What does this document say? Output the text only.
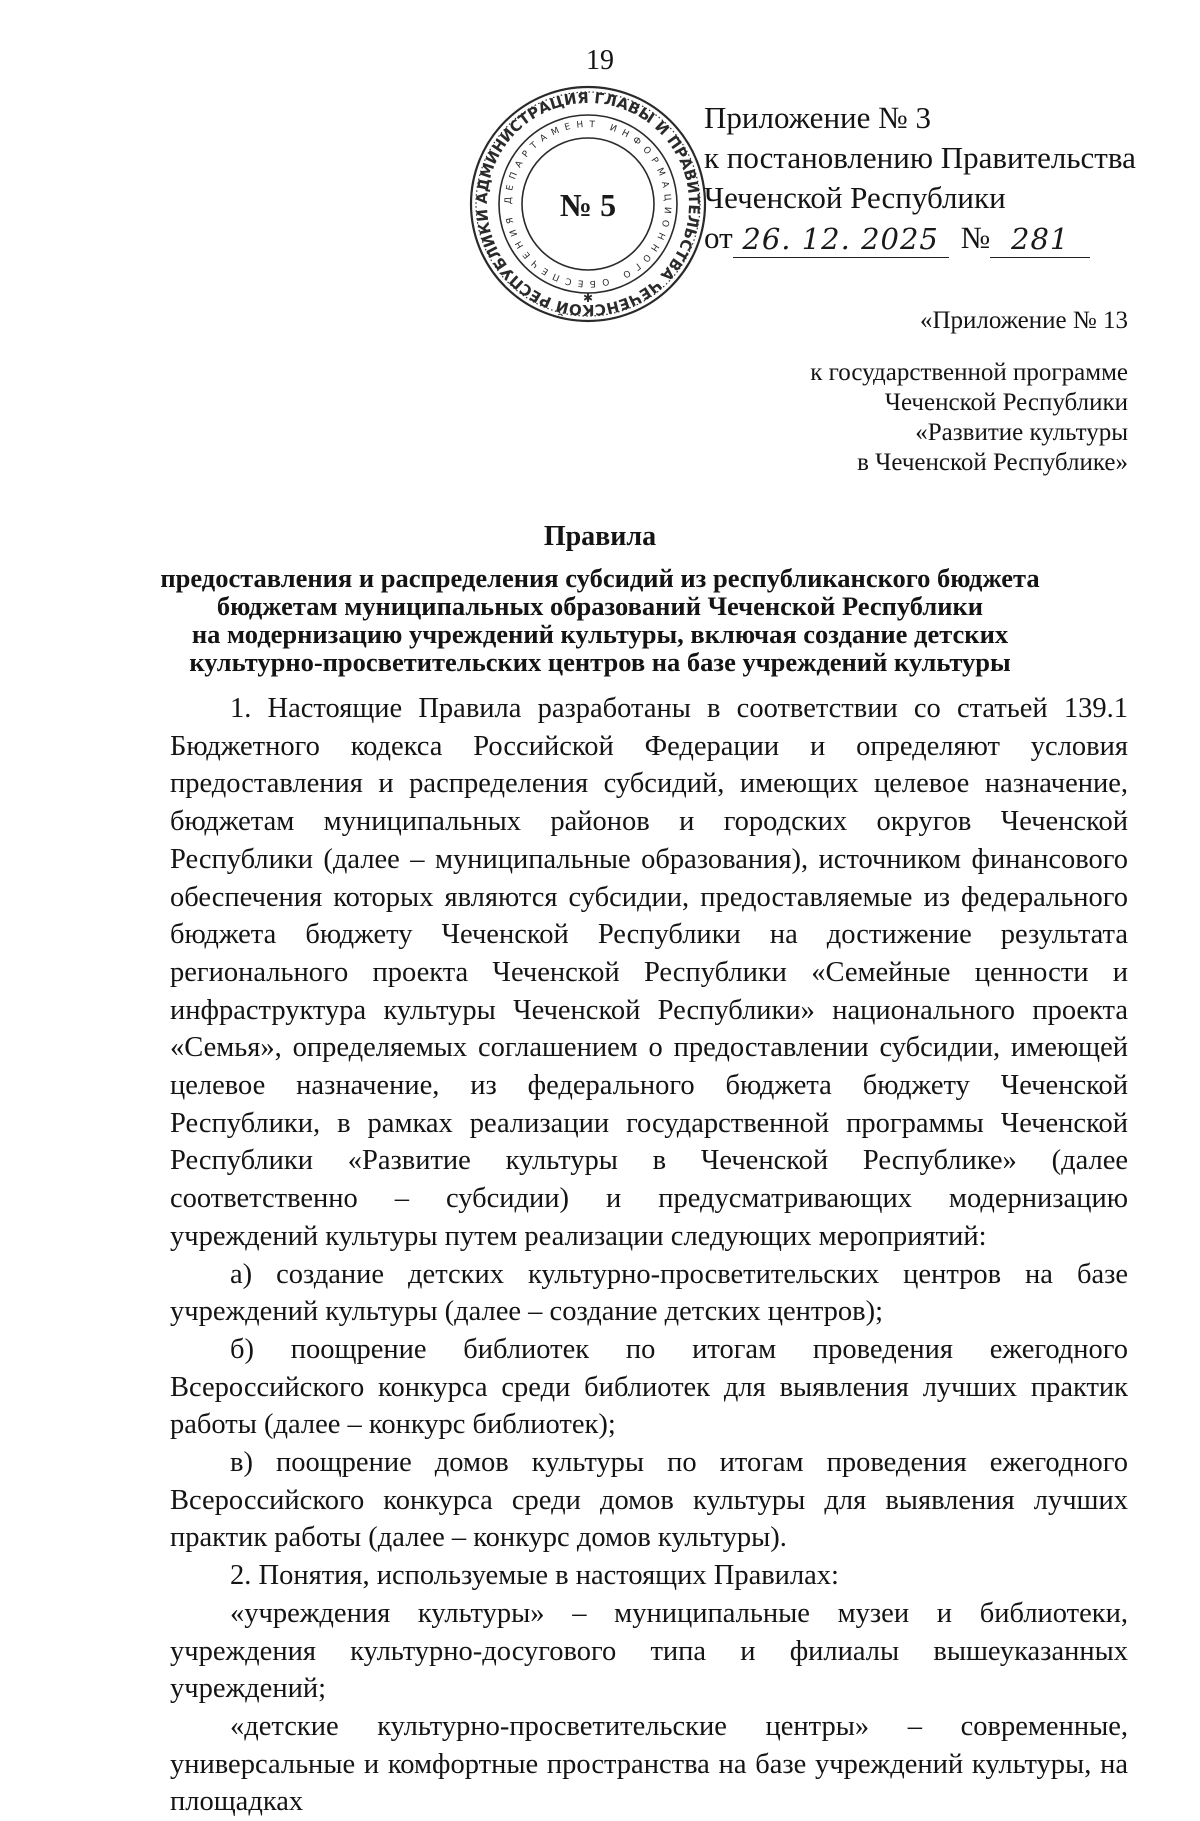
19
АДМИНИСТРАЦИЯ ГЛАВЫ И ПРАВИТЕЛЬСТВА ЧЕЧЕНСКОЙ РЕСПУБЛИКИ
ДЕПАРТАМЕНТ ИНФОРМАЦИОННОГО ОБЕСПЕЧЕНИЯ	№ 5
✱
Приложение № 3
к постановлению Правительства
Чеченской Республики
от 26. 12. 2025 № 281
«Приложение № 13
к государственной программе
Чеченской Республики
«Развитие культуры
в Чеченской Республике»
Правила
предоставления и распределения субсидий из республиканского бюджета
бюджетам муниципальных образований Чеченской Республики
на модернизацию учреждений культуры, включая создание детских
культурно-просветительских центров на базе учреждений культуры

1. Настоящие Правила разработаны в соответствии со статьей 139.1 Бюджетного кодекса Российской Федерации и определяют условия предоставления и распределения субсидий, имеющих целевое назначение, бюджетам муниципальных районов и городских округов Чеченской Республики (далее – муниципальные образования), источником финансового обеспечения которых являются субсидии, предоставляемые из федерального бюджета бюджету Чеченской Республики на достижение результата регионального проекта Чеченской Республики «Семейные ценности и инфраструктура культуры Чеченской Республики» национального проекта «Семья», определяемых соглашением о предоставлении субсидии, имеющей целевое назначение, из федерального бюджета бюджету Чеченской Республики, в рамках реализации государственной программы Чеченской Республики «Развитие культуры в Чеченской Республике» (далее соответственно – субсидии) и предусматривающих модернизацию учреждений культуры путем реализации следующих мероприятий:

а) создание детских культурно-просветительских центров на базе учреждений культуры (далее – создание детских центров);

б) поощрение библиотек по итогам проведения ежегодного Всероссийского конкурса среди библиотек для выявления лучших практик работы (далее – конкурс библиотек);

в) поощрение домов культуры по итогам проведения ежегодного Всероссийского конкурса среди домов культуры для выявления лучших практик работы (далее – конкурс домов культуры).

2. Понятия, используемые в настоящих Правилах:

«учреждения культуры» – муниципальные музеи и библиотеки, учреждения культурно-досугового типа и филиалы вышеуказанных учреждений;

«детские культурно-просветительские центры» – современные, универсальные и комфортные пространства на базе учреждений культуры, на площадках
